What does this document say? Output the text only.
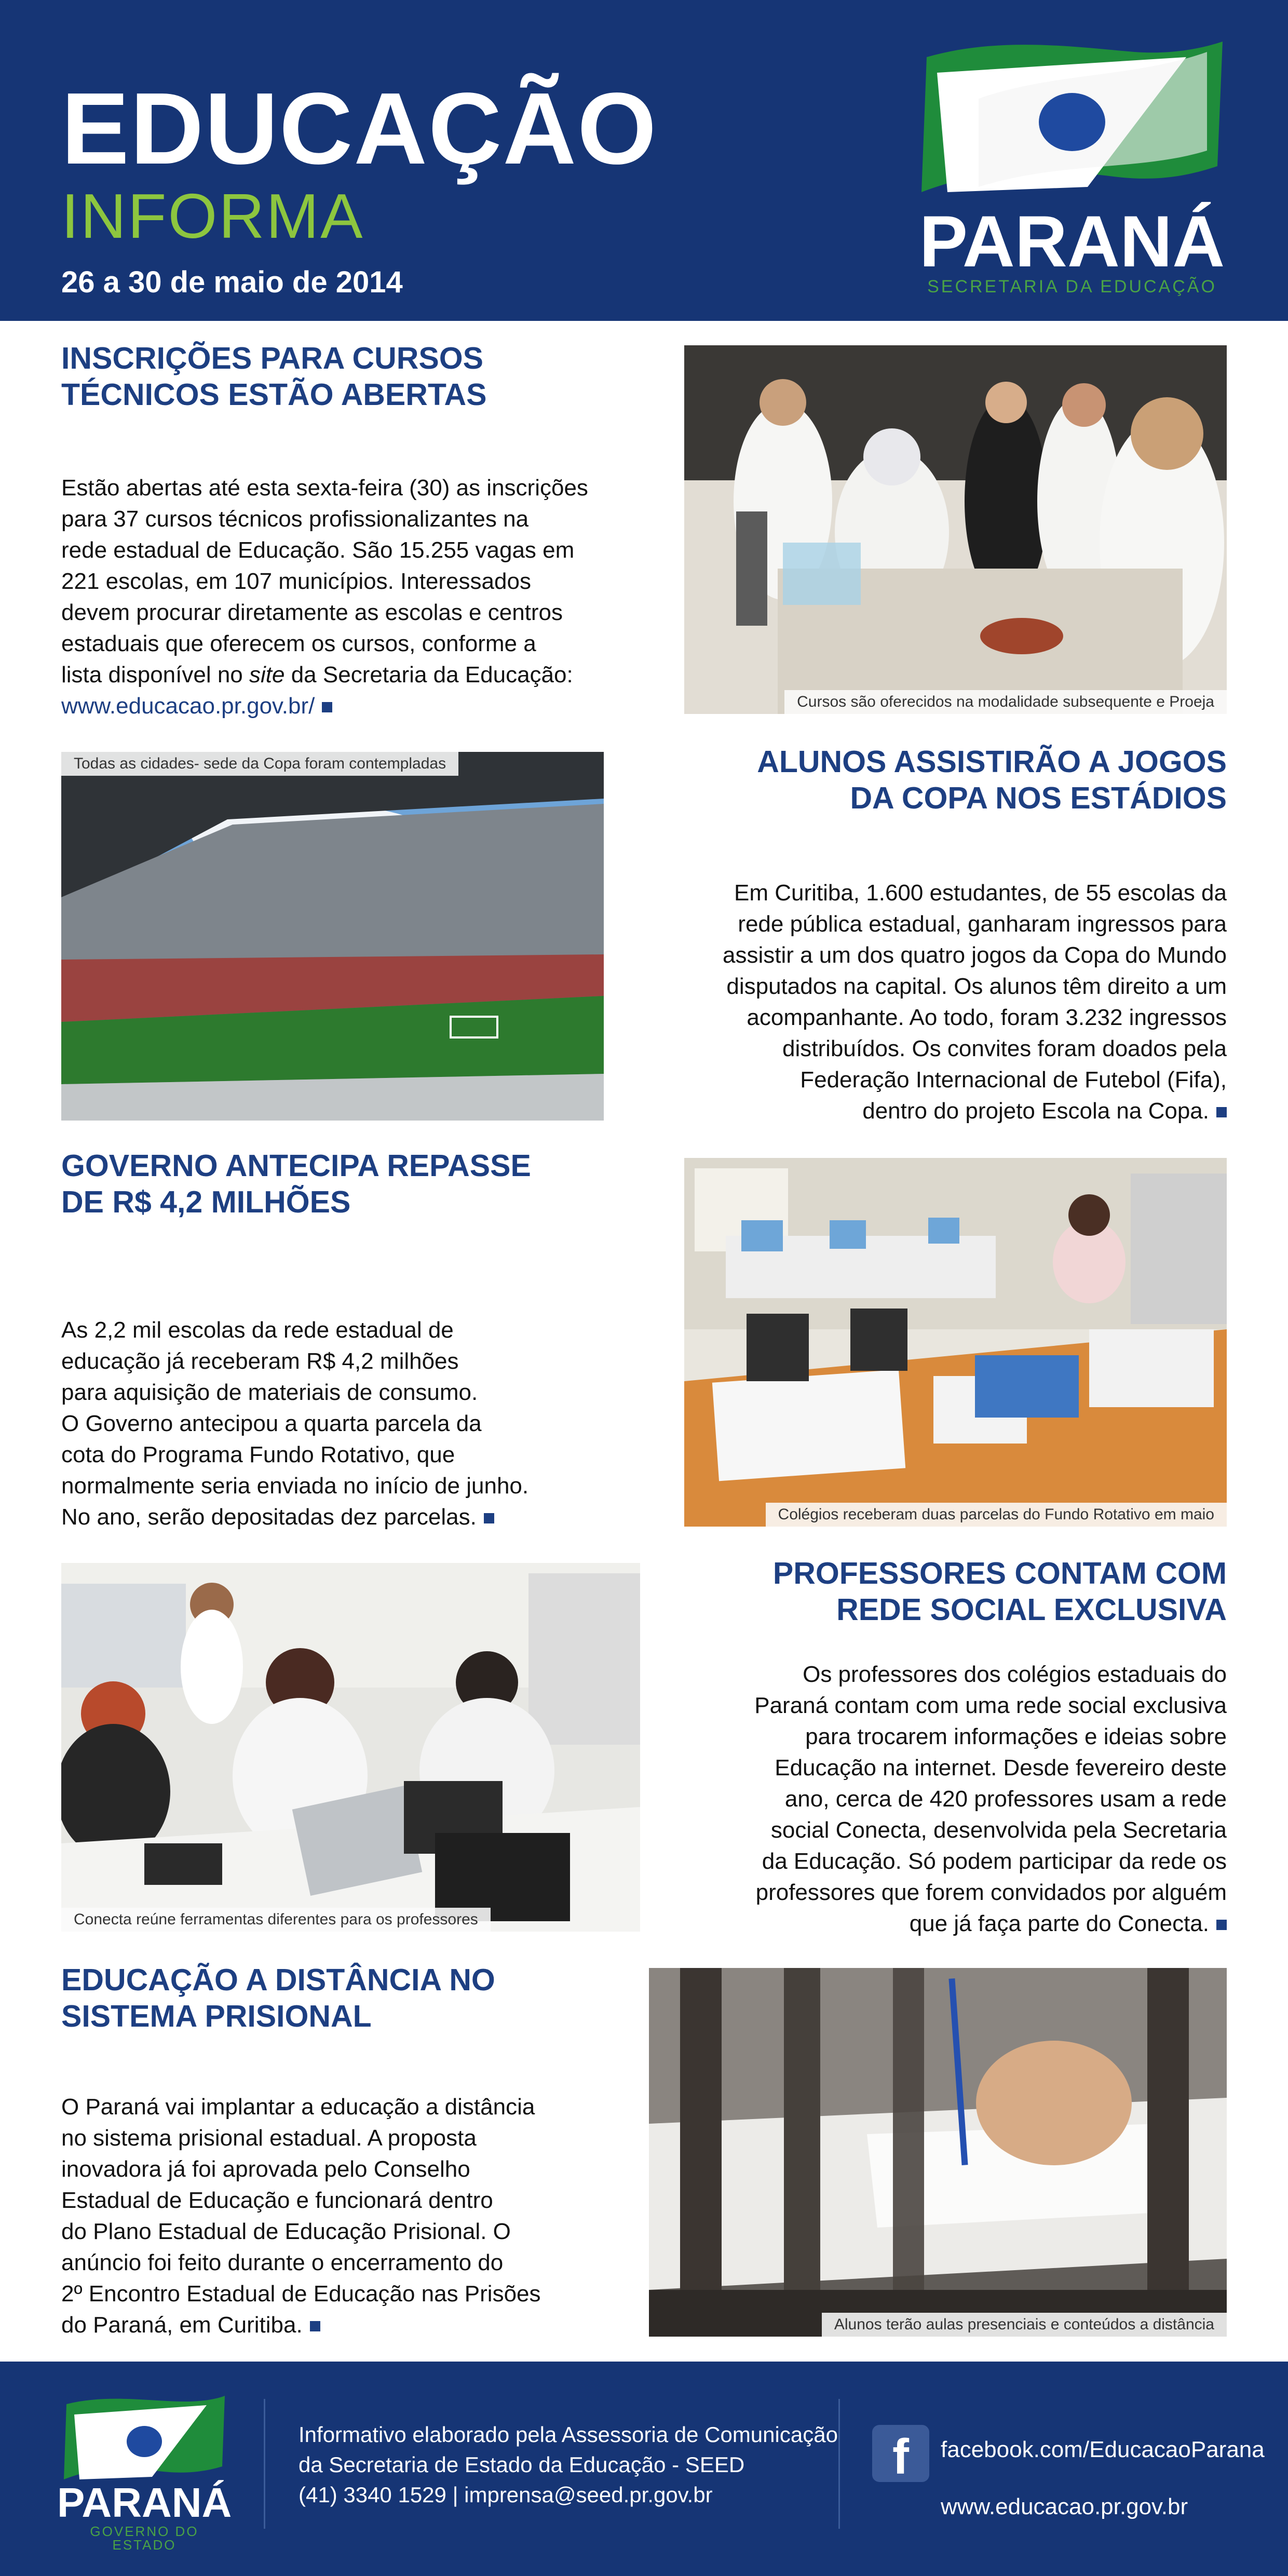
EDUCAÇÃO
INFORMA
26 a 30 de maio de 2014
PARANÁ
SECRETARIA DA EDUCAÇÃO
INSCRIÇÕES PARA CURSOS
TÉCNICOS ESTÃO ABERTAS
Estão abertas até esta sexta-feira (30) as inscrições
para 37 cursos técnicos profissionalizantes na
rede estadual de Educação. São 15.255 vagas em
221 escolas, em 107 municípios. Interessados
devem procurar diretamente as escolas e centros
estaduais que oferecem os cursos, conforme a
lista disponível no site da Secretaria da Educação:
www.educacao.pr.gov.br/	Cursos são oferecidos na modalidade subsequente e Proeja
Todas as cidades- sede da Copa foram contempladas	ALUNOS ASSISTIRÃO A JOGOS
DA COPA NOS ESTÁDIOS
Em Curitiba, 1.600 estudantes, de 55 escolas da
rede pública estadual, ganharam ingressos para
assistir a um dos quatro jogos da Copa do Mundo
disputados na capital. Os alunos têm direito a um
acompanhante. Ao todo, foram 3.232 ingressos
distribuídos. Os convites foram doados pela
Federação Internacional de Futebol (Fifa),
dentro do projeto Escola na Copa.
GOVERNO ANTECIPA REPASSE
DE R$ 4,2 MILHÕES
As 2,2 mil escolas da rede estadual de
educação já receberam R$ 4,2 milhões
para aquisição de materiais de consumo.
O Governo antecipou a quarta parcela da
cota do Programa Fundo Rotativo, que
normalmente seria enviada no início de junho.
No ano, serão depositadas dez parcelas.	Colégios receberam duas parcelas do Fundo Rotativo em maio
Conecta reúne ferramentas diferentes para os professores
PROFESSORES CONTAM COM
REDE SOCIAL EXCLUSIVA
Os professores dos colégios estaduais do
Paraná contam com uma rede social exclusiva
para trocarem informações e ideias sobre
Educação na internet. Desde fevereiro deste
ano, cerca de 420 professores usam a rede
social Conecta, desenvolvida pela Secretaria
da Educação. Só podem participar da rede os
professores que forem convidados por alguém
que já faça parte do Conecta.
EDUCAÇÃO A DISTÂNCIA NO
SISTEMA PRISIONAL
O Paraná vai implantar a educação a distância
no sistema prisional estadual. A proposta
inovadora já foi aprovada pelo Conselho
Estadual de Educação e funcionará dentro
do Plano Estadual de Educação Prisional. O
anúncio foi feito durante o encerramento do
2º Encontro Estadual de Educação nas Prisões
do Paraná, em Curitiba.	Alunos terão aulas presenciais e conteúdos a distância
PARANÁ
GOVERNO DO ESTADO
Informativo elaborado pela Assessoria de Comunicação
da Secretaria de Estado da Educação - SEED
(41) 3340 1529 | imprensa@seed.pr.gov.br
f	facebook.com/EducacaoParana
www.educacao.pr.gov.br
